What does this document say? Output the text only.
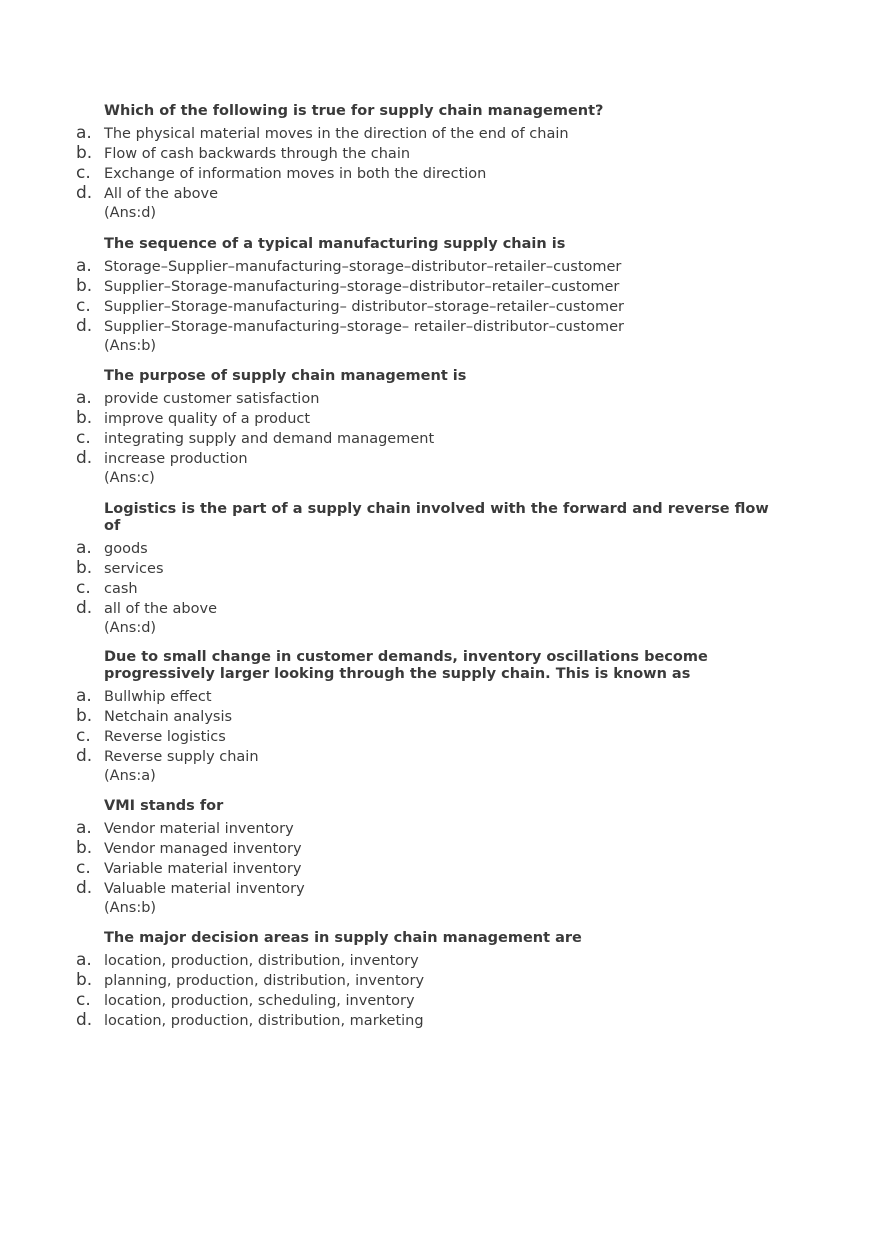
Which of the following is true for supply chain management?
a. The physical material moves in the direction of the end of chain
b. Flow of cash backwards through the chain
c. Exchange of information moves in both the direction
d. All of the above
(Ans:d)
The sequence of a typical manufacturing supply chain is
a. Storage–Supplier–manufacturing–storage–distributor–retailer–customer
b. Supplier–Storage-manufacturing–storage–distributor–retailer–customer
c. Supplier–Storage-manufacturing– distributor–storage–retailer–customer
d. Supplier–Storage-manufacturing–storage– retailer–distributor–customer
(Ans:b)
The purpose of supply chain management is
a. provide customer satisfaction
b. improve quality of a product
c. integrating supply and demand management
d. increase production
(Ans:c)
Logistics is the part of a supply chain involved with the forward and reverse flow of
a. goods
b. services
c. cash
d. all of the above
(Ans:d)
Due to small change in customer demands, inventory oscillations become progressively larger looking through the supply chain. This is known as
a. Bullwhip effect
b. Netchain analysis
c. Reverse logistics
d. Reverse supply chain
(Ans:a)
VMI stands for
a. Vendor material inventory
b. Vendor managed inventory
c. Variable material inventory
d. Valuable material inventory
(Ans:b)
The major decision areas in supply chain management are
a. location, production, distribution, inventory
b. planning, production, distribution, inventory
c. location, production, scheduling, inventory
d. location, production, distribution, marketing
